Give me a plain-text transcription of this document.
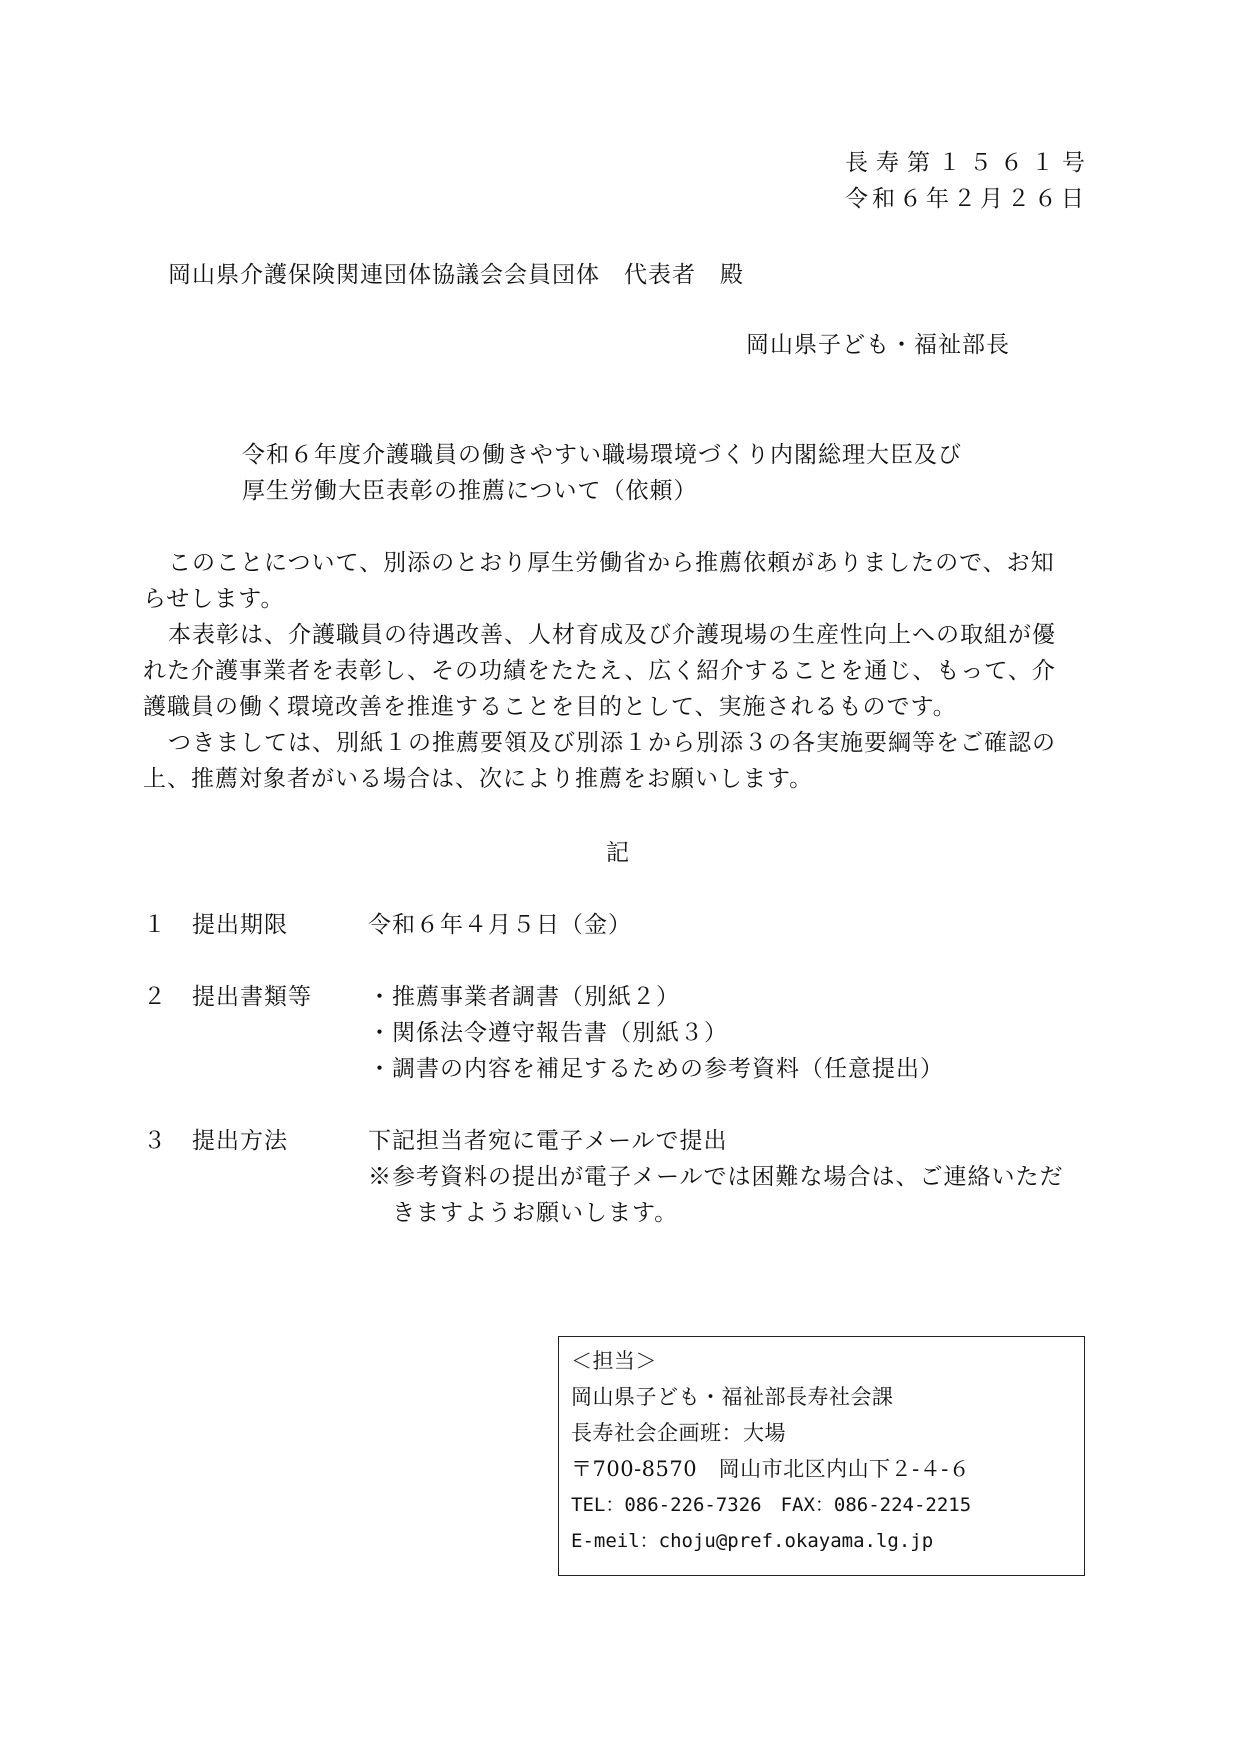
長寿第１５６１号
令和６年２月２６日
岡山県介護保険関連団体協議会会員団体　代表者　殿
岡山県子ども・福祉部長
令和６年度介護職員の働きやすい職場環境づくり内閣総理大臣及び
厚生労働大臣表彰の推薦について（依頼）
このことについて、別添のとおり厚生労働省から推薦依頼がありましたので、お知
らせします。
本表彰は、介護職員の待遇改善、人材育成及び介護現場の生産性向上への取組が優
れた介護事業者を表彰し、その功績をたたえ、広く紹介することを通じ、もって、介
護職員の働く環境改善を推進することを目的として、実施されるものです。
つきましては、別紙１の推薦要領及び別添１から別添３の各実施要綱等をご確認の
上、推薦対象者がいる場合は、次により推薦をお願いします。
記
１ 提出期限	令和６年４月５日（金）
２ 提出書類等 ・推薦事業者調書（別紙２）
・関係法令遵守報告書（別紙３）
・調書の内容を補足するための参考資料（任意提出）
３ 提出方法	下記担当者宛に電子メールで提出
※参考資料の提出が電子メールでは困難な場合は、ご連絡いただ
　きますようお願いします。
＜担当＞
岡山県子ども・福祉部長寿社会課
長寿社会企画班：大場
〒700-8570　岡山市北区内山下２-４-６
TEL：086-226-7326　FAX：086-224-2215
E-meil：choju@pref.okayama.lg.jp
